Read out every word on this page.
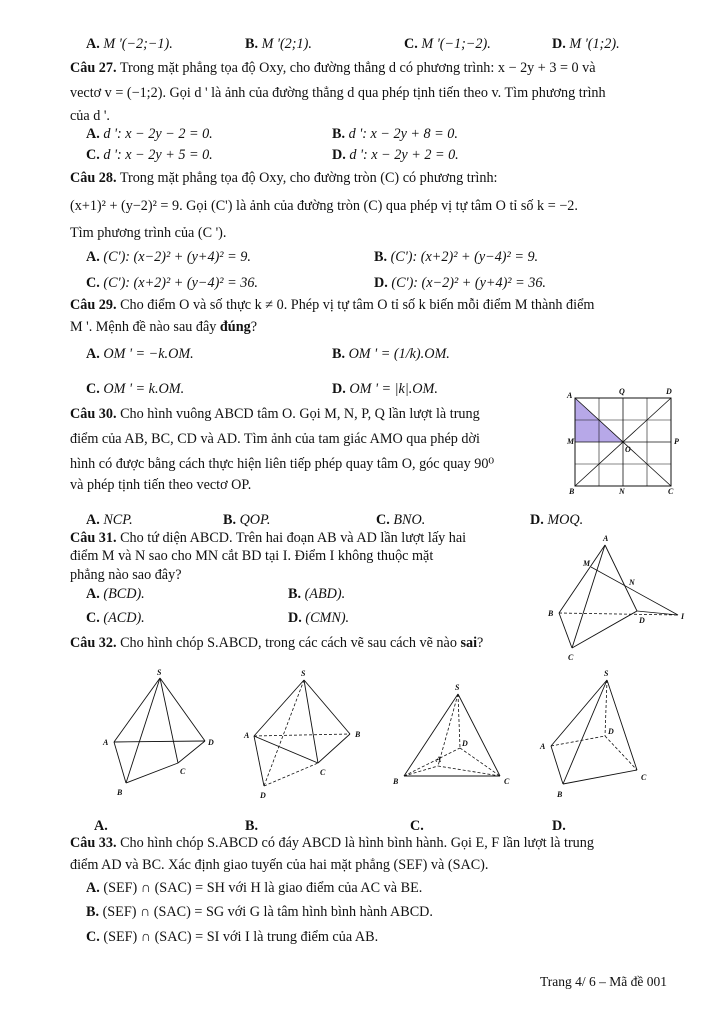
A. M '(−2;−1).	B. M '(2;1).	C. M '(−1;−2).	D. M '(1;2).
Câu 27. Trong mặt phẳng tọa độ Oxy, cho đường thẳng d có phương trình: x − 2y + 3 = 0 và
vectơ v = (−1;2). Gọi d ' là ảnh của đường thẳng d qua phép tịnh tiến theo v. Tìm phương trình
của d '.
A. d ': x − 2y − 2 = 0.	B. d ': x − 2y + 8 = 0.
C. d ': x − 2y + 5 = 0.	D. d ': x − 2y + 2 = 0.
Câu 28. Trong mặt phẳng tọa độ Oxy, cho đường tròn (C) có phương trình:
(x+1)² + (y−2)² = 9. Gọi (C') là ảnh của đường tròn (C) qua phép vị tự tâm O tỉ số k = −2.
Tìm phương trình của (C ').
A. (C'): (x−2)² + (y+4)² = 9.	B. (C'): (x+2)² + (y−4)² = 9.
C. (C'): (x+2)² + (y−4)² = 36.	D. (C'): (x−2)² + (y+4)² = 36.
Câu 29. Cho điểm O và số thực k ≠ 0. Phép vị tự tâm O tỉ số k biến mỗi điểm M thành điểm
M '. Mệnh đề nào sau đây đúng?
A. OM ' = −k.OM.	B. OM ' = (1/k).OM.
C. OM ' = k.OM.	D. OM ' = |k|.OM.
Câu 30. Cho hình vuông ABCD tâm O. Gọi M, N, P, Q lần lượt là trung
điểm của AB, BC, CD và AD. Tìm ảnh của tam giác AMO qua phép dời
hình có được bằng cách thực hiện liên tiếp phép quay tâm O, góc quay 90⁰
và phép tịnh tiến theo vectơ OP.
A. NCP.	B. QOP.	C. BNO.	D. MOQ.
A	Q	D
M
O
P
B	N	C
Câu 31. Cho tứ diện ABCD. Trên hai đoạn AB và AD lần lượt lấy hai
điểm M và N sao cho MN cắt BD tại I. Điểm I không thuộc mặt
phẳng nào sao đây?
A. (BCD).	B. (ABD).
C. (ACD).	D. (CMN).
A
M
N
B
D	I
C
Câu 32. Cho hình chóp S.ABCD, trong các cách vẽ sau cách vẽ nào sai?
S
A
B
C
D
S
A	B
C
D
S
A
B	C
D
S
A
B
C
D
A.	B.	C.	D.
Câu 33. Cho hình chóp S.ABCD có đáy ABCD là hình bình hành. Gọi E, F lần lượt là trung
điểm AD và BC. Xác định giao tuyến của hai mặt phẳng (SEF) và (SAC).
A. (SEF) ∩ (SAC) = SH với H là giao điểm của AC và BE.
B. (SEF) ∩ (SAC) = SG với G là tâm hình bình hành ABCD.
C. (SEF) ∩ (SAC) = SI với I là trung điểm của AB.
Trang 4/ 6 – Mã đề 001
